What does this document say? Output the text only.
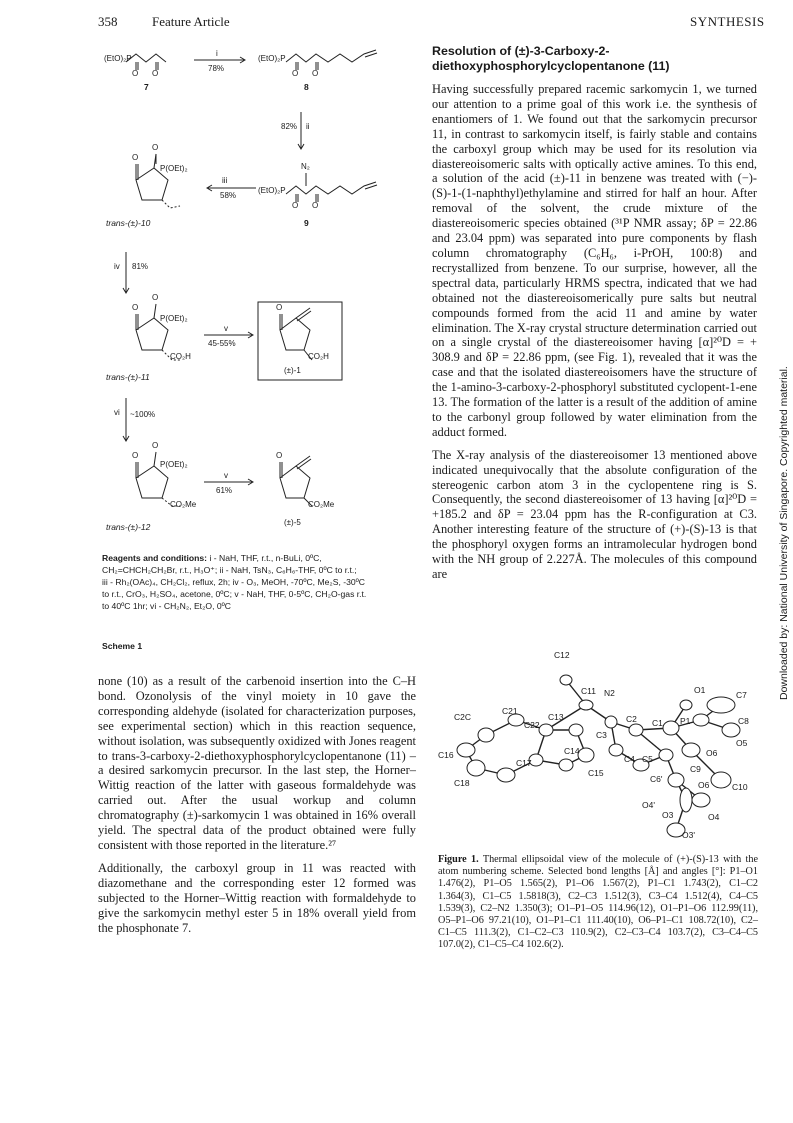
358	Feature Article	SYNTHESIS
Downloaded by: National University of Singapore. Copyrighted material.
O O	O O
O O
O
O
O
O
O
O
O
O
(EtO)₂P
7
i
78%
(EtO)₂P
8
82% ii
N₂
(EtO)₂P
9
iii
58%
P(OEt)₂
trans-(±)-10
iv 81%
P(OEt)₂
CO₂H
trans-(±)-11
v
45-55%
CO₂H
(±)-1
vi ~100%
P(OEt)₂
CO₂Me
trans-(±)-12
v
61%
CO₂Me
(±)-5
Reagents and conditions: i - NaH, THF, r.t., n-BuLi, 0ºC,
CH₂=CHCH₂CH₂Br, r.t., H₃O⁺; ii - NaH, TsN₃, C₆H₆-THF, 0ºC to r.t.;
iii - Rh₂(OAc)₄, CH₂Cl₂, reflux, 2h; iv - O₃, MeOH, -70ºC, Me₂S, -30ºC
to r.t., CrO₃, H₂SO₄, acetone, 0ºC; v - NaH, THF, 0-5ºC, CH₂O-gas r.t.
to 40ºC 1hr; vi - CH₂N₂, Et₂O, 0ºC
Scheme 1
Resolution of (±)-3-Carboxy-2-diethoxyphosphorylcyclopentanone (11)

Having successfully prepared racemic sarkomycin 1, we turned our attention to a prime goal of this work i.e. the synthesis of enantiomers of 1. We found out that the sarkomycin precursor 11, in contrast to sarkomycin itself, is fairly stable and contains the carboxyl group which may be used for its resolution via diastereoisomeric salts with optically active amines. To this end, a solution of the acid (±)-11 in benzene was treated with (−)-(S)-1-(1-naphthyl)ethylamine and stirred for half an hour. After removal of the solvent, the crude mixture of the diastereoisomeric species obtained (³¹P NMR assay; δP = 22.86 and 23.04 ppm) was separated into pure components by flash column chromatography (C₆H₆, i-PrOH, 100:8) and recrystallized from benzene. To our surprise, however, all the spectral data, particularly HRMS spectra, indicated that we had obtained not the diastereoisomerically pure salts but neutral compounds formed from the acid 11 and amine by water elimination. The X-ray crystal structure determination carried out on a single crystal of the diastereoisomer having [α]²⁰D = + 308.9 and δP = 22.86 ppm, (see Fig. 1), revealed that it was the case and that the isolated diastereoisomers have the structure of the 1-amino-3-carboxy-2-phosphoryl substituted cyclopent-1-ene 13. The formation of the latter is a result of the addition of amine to the carbonyl group followed by water elimination from the adduct formed.

The X-ray analysis of the diastereoisomer 13 mentioned above indicated unequivocally that the absolute configuration of the stereogenic carbon atom 3 in the cyclopentene ring is S. Consequently, the second diastereoisomer of 13 having [α]²⁰D = +185.2 and δP = 23.04 ppm has the R-configuration at C3. Another interesting feature of the structure of (+)-(S)-13 is that the phosphoryl oxygen forms an intramolecular hydrogen bond with the NH group of 2.227Å. The molecules of this compound are

none (10) as a result of the carbenoid insertion into the C–H bond. Ozonolysis of the vinyl moiety in 10 gave the corresponding aldehyde (isolated for characterization purposes, see experimental section) which in this reaction sequence, without isolation, was subsequently oxidized with Jones reagent to trans-3-carboxy-2-diethoxyphosphorylcyclopentanone (11) – a desired sarkomycin precursor. In the last step, the Horner–Wittig reaction of the latter with gaseous formaldehyde was carried out. After the usual workup and column chromatography (±)-sarkomycin 1 was obtained in 16% overall yield. The spectral data of the product obtained were fully consistent with those reported in the literature.²⁷

Additionally, the carboxyl group in 11 was reacted with diazomethane and the corresponding ester 12 formed was subjected to the Horner–Wittig reaction with formaldehyde to give the sarkomycin methyl ester 5 in 18% overall yield from the phosphonate 7.

C12
C11 N2	O1	C7
C8
C2C
C21
C13
C22
C2 C1 P1
O5
C3
O6
C14
C15
C4 C5
C9
C16
C17
C18	C6'
O6	C10
O4'
O3	O4
O3'
Figure 1. Thermal ellipsoidal view of the molecule of (+)-(S)-13 with the atom numbering scheme. Selected bond lengths [Å] and angles [°]: P1–O1 1.476(2), P1–O5 1.565(2), P1–O6 1.567(2), P1–C1 1.743(2), C1–C2 1.364(3), C1–C5 1.5818(3), C2–C3 1.512(3), C3–C4 1.512(4), C4–C5 1.539(3), C2–N2 1.350(3); O1–P1–O5 114.96(12), O1–P1–O6 112.99(11), O5–P1–O6 97.21(10), O1–P1–C1 111.40(10), O6–P1–C1 108.72(10), C2–C1–C5 111.3(2), C1–C2–C3 110.9(2), C2–C3–C4 103.7(2), C3–C4–C5 107.0(2), C1–C5–C4 102.6(2).
